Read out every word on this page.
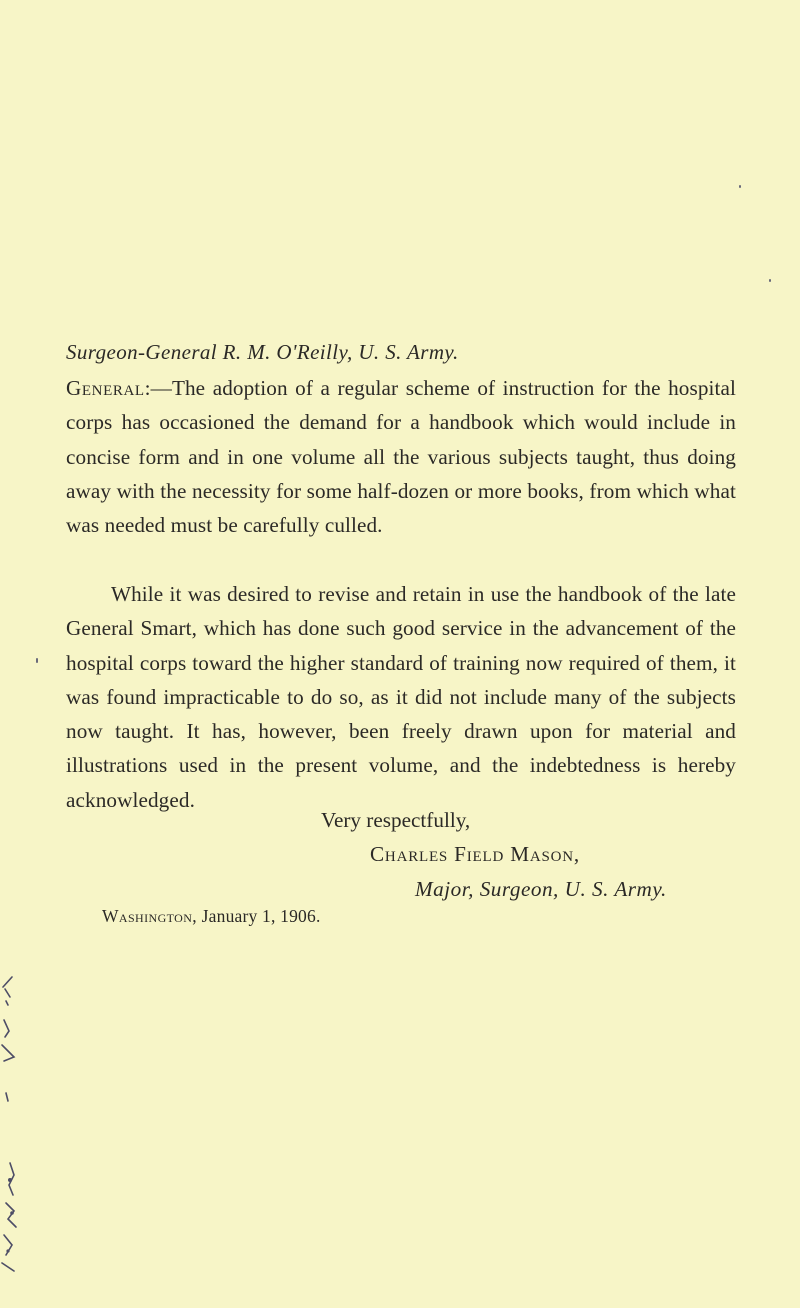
Surgeon-General R. M. O'Reilly, U. S. Army.
General:—The adoption of a regular scheme of instruction for the hospital corps has occasioned the demand for a handbook which would include in concise form and in one volume all the various subjects taught, thus doing away with the necessity for some half-dozen or more books, from which what was needed must be carefully culled.
While it was desired to revise and retain in use the handbook of the late General Smart, which has done such good service in the advancement of the hospital corps toward the higher standard of training now required of them, it was found impracticable to do so, as it did not include many of the subjects now taught. It has, however, been freely drawn upon for material and illustrations used in the present volume, and the indebtedness is hereby acknowledged.
Very respectfully,
Charles Field Mason,
Major, Surgeon, U. S. Army.
Washington, January 1, 1906.
